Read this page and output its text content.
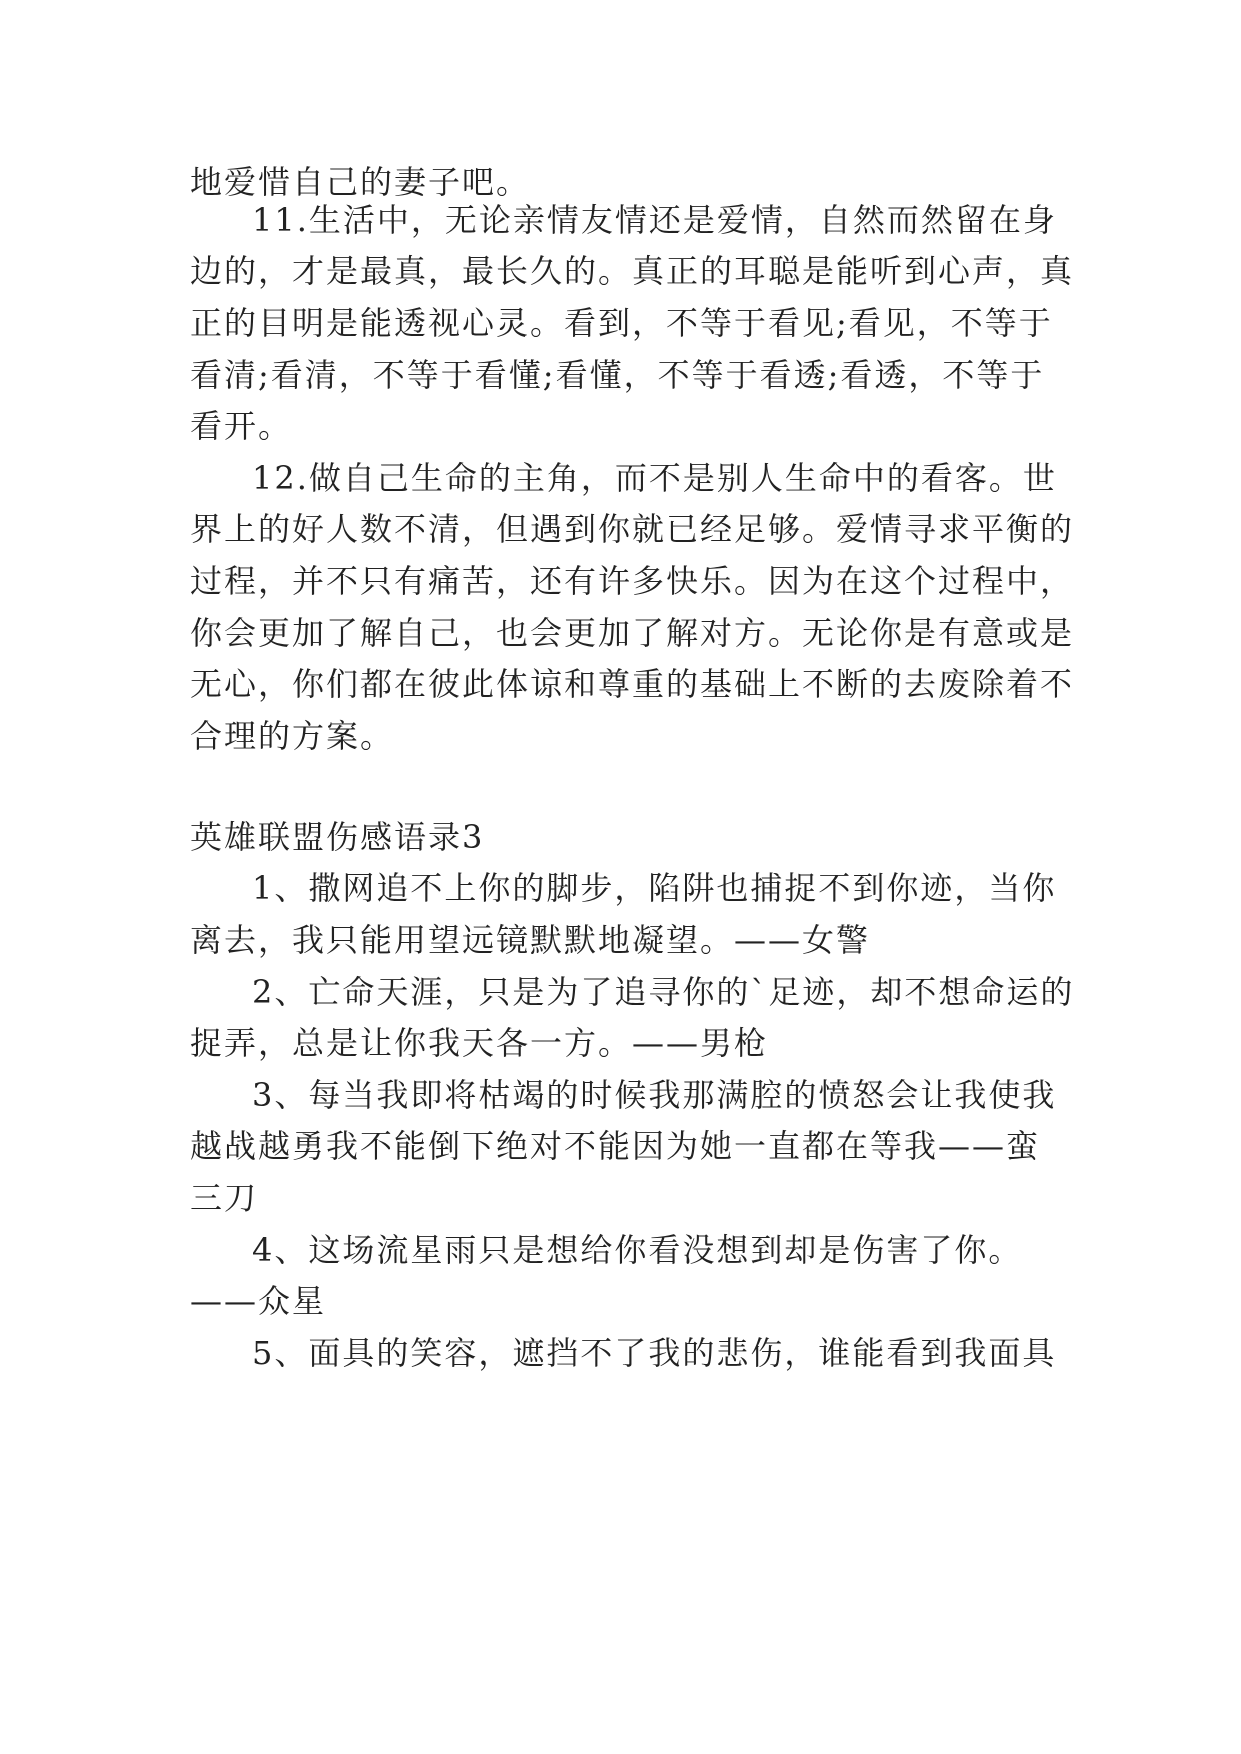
地爱惜自己的妻子吧。
11.生活中，无论亲情友情还是爱情，自然而然留在身
边的，才是最真，最长久的。真正的耳聪是能听到心声，真
正的目明是能透视心灵。看到，不等于看见;看见，不等于
看清;看清，不等于看懂;看懂，不等于看透;看透，不等于
看开。
12.做自己生命的主角，而不是别人生命中的看客。世
界上的好人数不清，但遇到你就已经足够。爱情寻求平衡的
过程，并不只有痛苦，还有许多快乐。因为在这个过程中，
你会更加了解自己，也会更加了解对方。无论你是有意或是
无心，你们都在彼此体谅和尊重的基础上不断的去废除着不
合理的方案。
英雄联盟伤感语录3
1、撒网追不上你的脚步，陷阱也捕捉不到你迹，当你
离去，我只能用望远镜默默地凝望。——女警
2、亡命天涯，只是为了追寻你的`足迹，却不想命运的
捉弄，总是让你我天各一方。——男枪
3、每当我即将枯竭的时候我那满腔的愤怒会让我使我
越战越勇我不能倒下绝对不能因为她一直都在等我——蛮
三刀
4、这场流星雨只是想给你看没想到却是伤害了你。
——众星
5、面具的笑容，遮挡不了我的悲伤，谁能看到我面具
